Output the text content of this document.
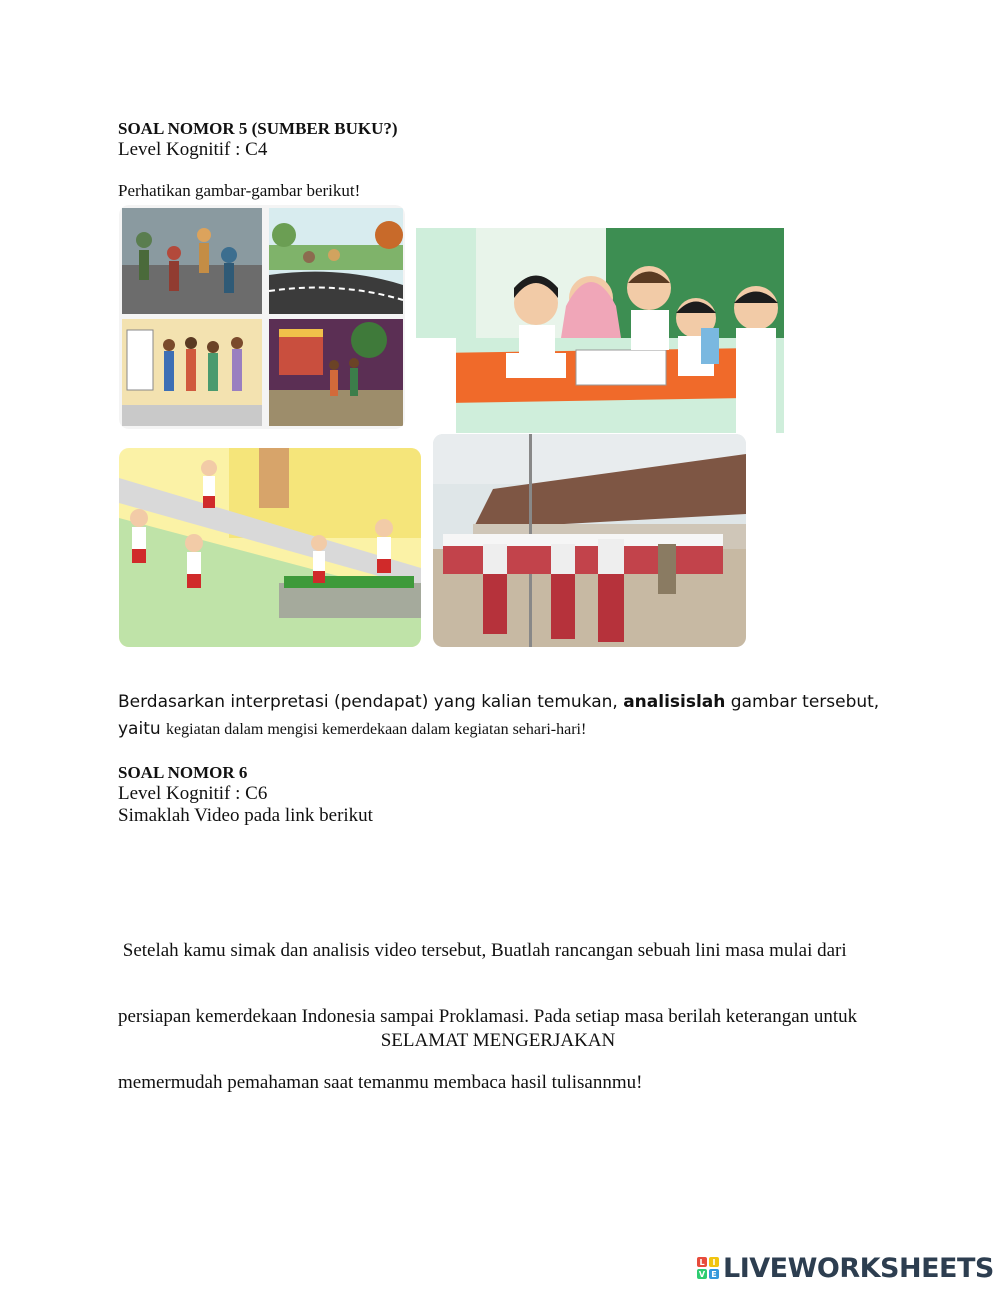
SOAL NOMOR 5 (SUMBER BUKU?)
Level Kognitif : C4
Perhatikan gambar-gambar berikut!
Berdasarkan interpretasi (pendapat) yang kalian temukan, analisislah gambar tersebut,
yaitu kegiatan dalam mengisi kemerdekaan dalam kegiatan sehari-hari!
SOAL NOMOR 6
Level Kognitif : C6
Simaklah Video pada link berikut

Setelah kamu simak dan analisis video tersebut, Buatlah rancangan sebuah lini masa mulai dari

persiapan kemerdekaan Indonesia sampai Proklamasi. Pada setiap masa berilah keterangan untuk

memermudah pemahaman saat temanmu membaca hasil tulisannmu!

SELAMAT MENGERJAKAN
L I
V E LIVEWORKSHEETS
